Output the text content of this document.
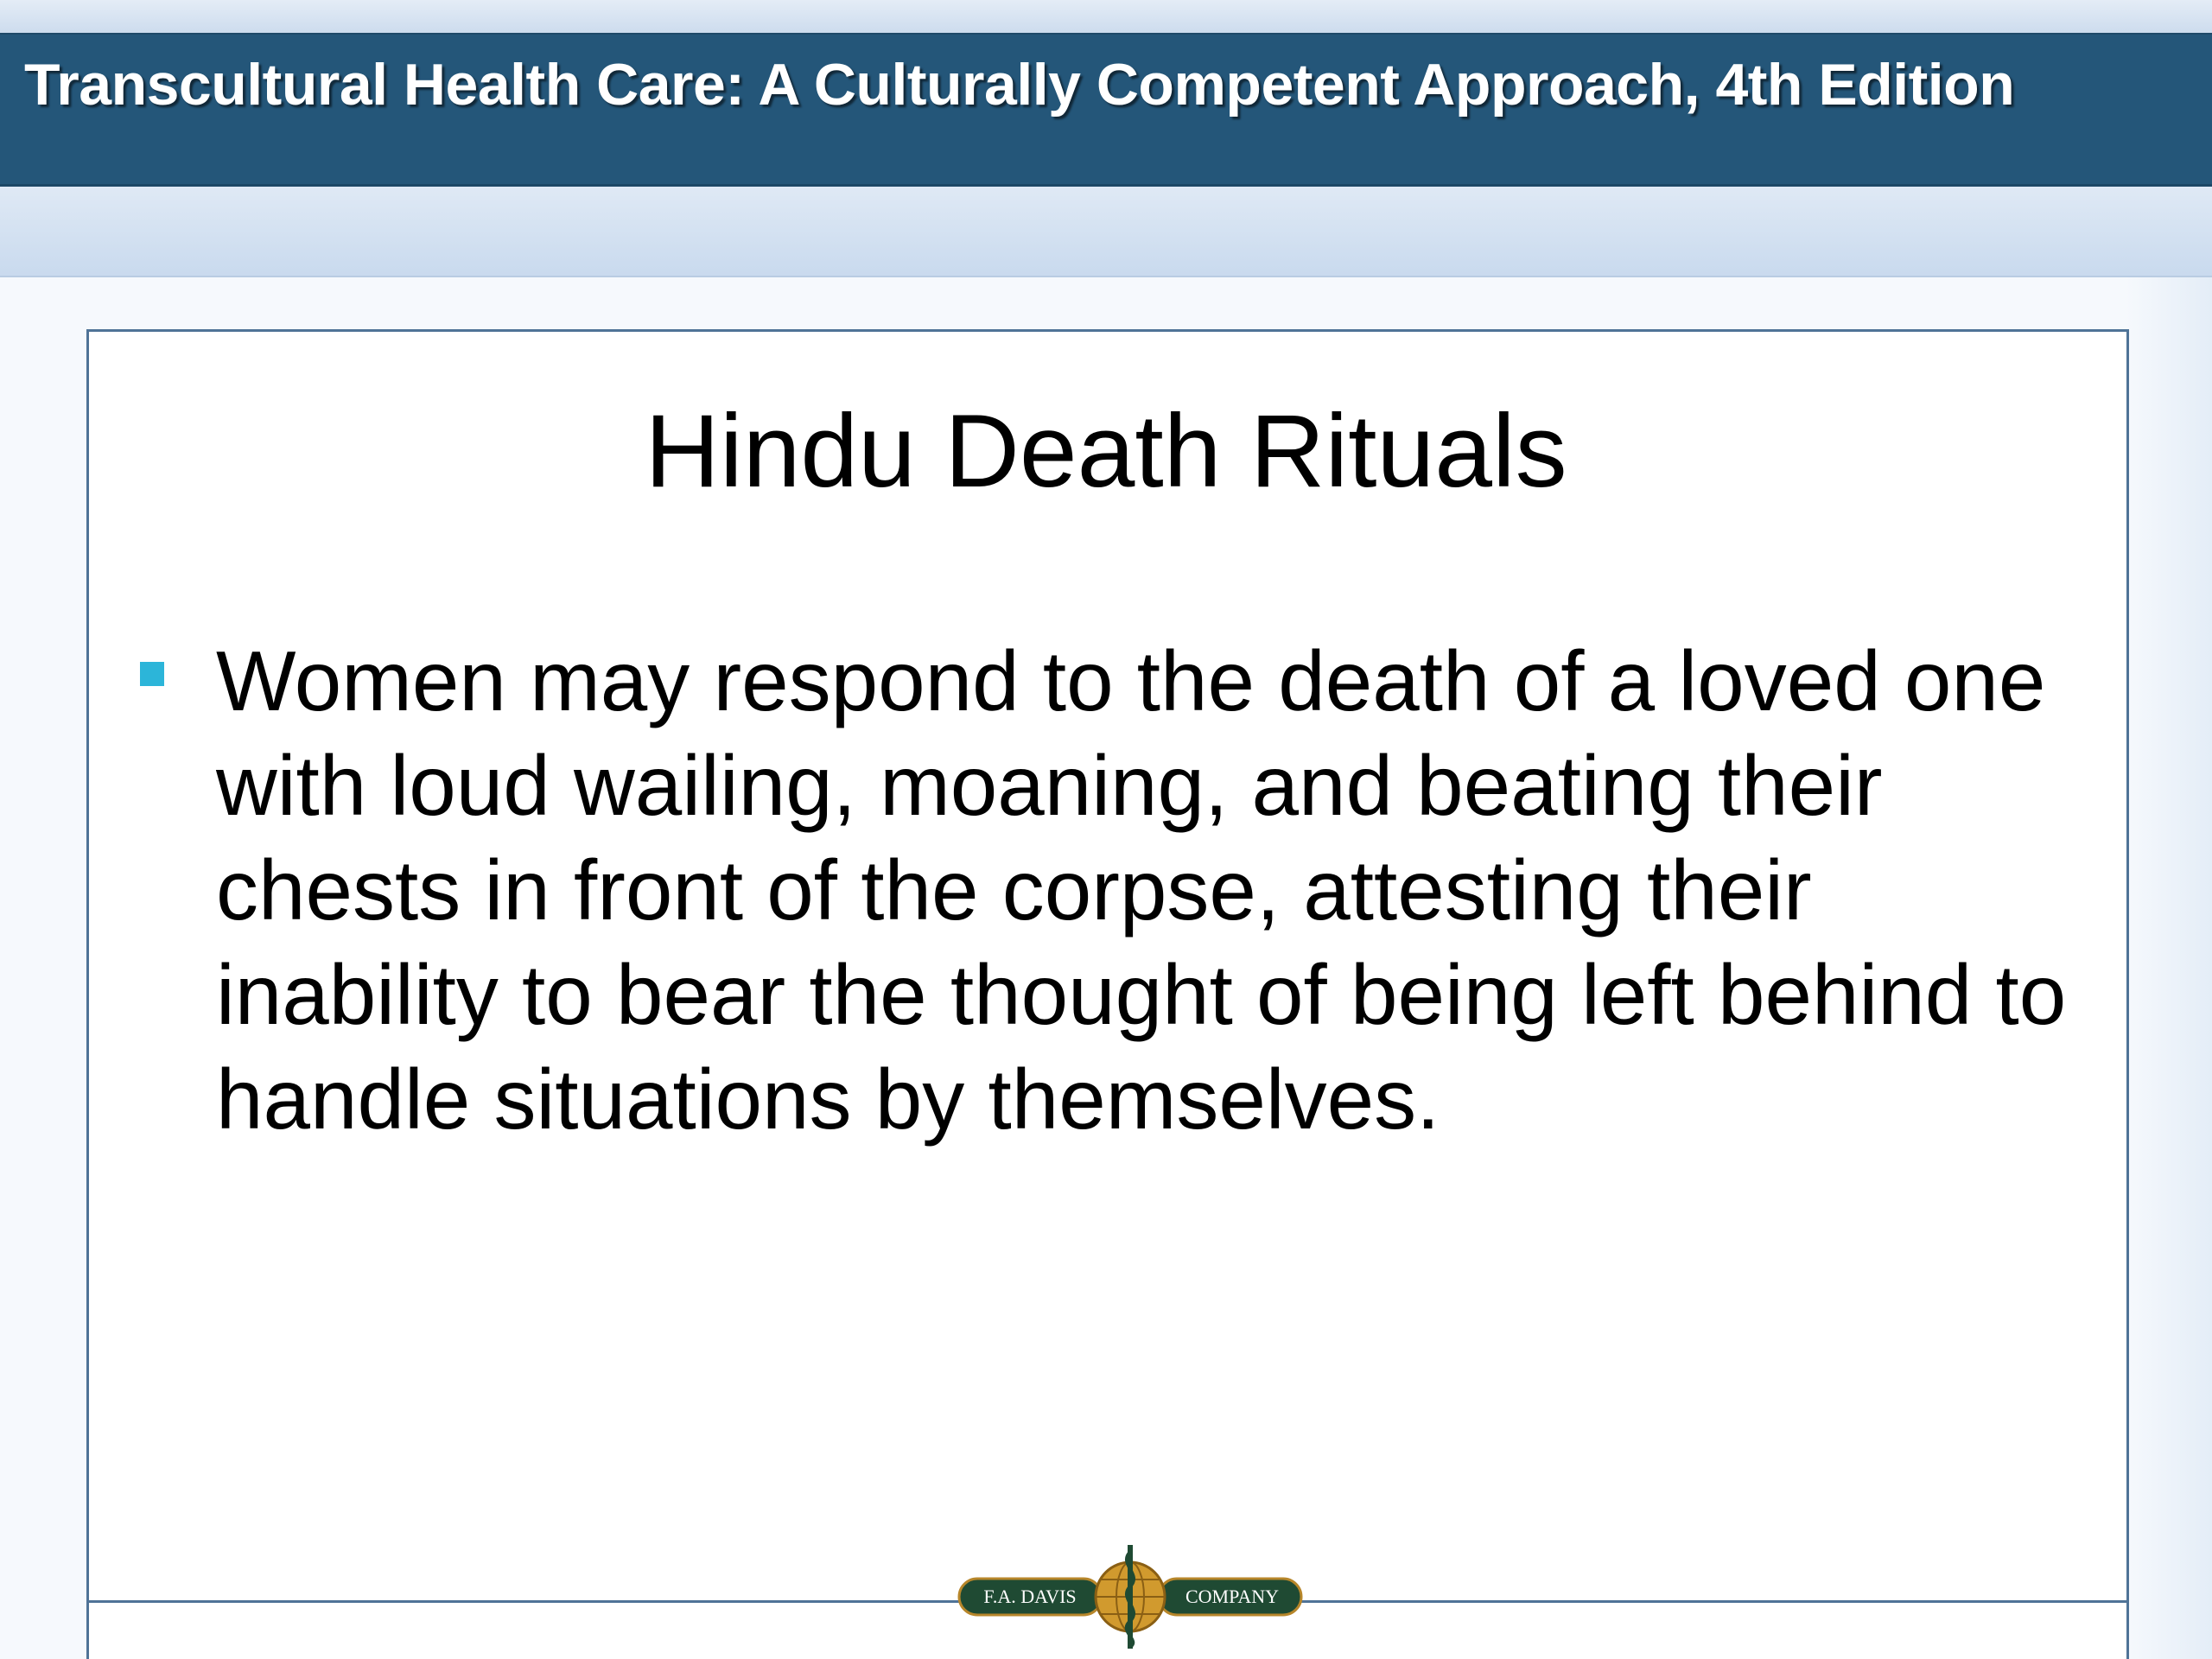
Transcultural Health Care: A Culturally Competent Approach, 4th Edition
Hindu Death Rituals
Women may respond to the death of a loved one with loud wailing, moaning, and beating their chests in front of the corpse, attesting their inability to bear the thought of being left behind to handle situations by themselves.
F.A. DAVIS	COMPANY
